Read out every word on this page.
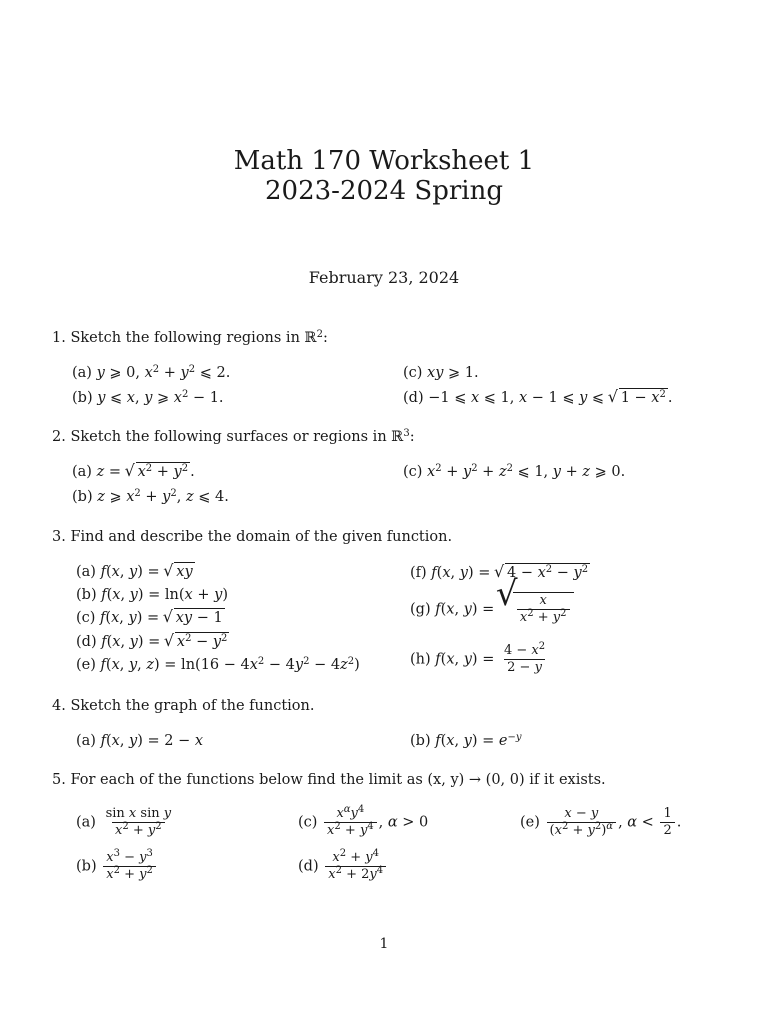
Math 170 Worksheet 1
2023-2024 Spring
February 23, 2024
1. Sketch the following regions in ℝ$^2$:
(a) y ⩾ 0, $x^2 + y^2$ ⩽ 2.
(b) y ⩽ x, y ⩾ $x^2 - 1$.
(c) xy ⩾ 1.
(d) −1 ⩽ x ⩽ 1, x − 1 ⩽ y ⩽ √ $1 - x^2$ .
2. Sketch the following surfaces or regions in ℝ$^3$:
(a) z = √ $x^2 + y^2$ .
(b) z ⩾ $x^2 + y^2$, z ⩽ 4.
(c) $x^2 + y^2 + z^2$ ⩽ 1, y + z ⩾ 0.
3. Find and describe the domain of the given function.
(a) f(x, y) = √ xy
(b) f(x, y) = ln(x + y)
(c) f(x, y) = √ xy − 1
(d) f(x, y) = √ $x^2 - y^2$
(e) f(x, y, $z) = \ln(16 - 4x^2 - 4y^2 - 4z^2)$
(f) f(x, y) = √ $4 - x^2 - y^2$
(g) f(x, y) =
√ $\frac{x}{x^2 + y^2}$
(h) f(x, $y) = \frac{4 - x^2}{2 - y}$
4. Sketch the graph of the function.
(a) f(x, y) = 2 − x	(b) f(x, $y) = e^{-y}$
5. For each of the functions below find the limit as (x, y) → (0, 0) if it exists.
$(a) \frac{\text{sin x sin y}}{x^2 + y^2}$
$(b) \frac{x^3 - y^3}{x^2 + y^2}$
$(c) \frac{x^\alpha y^4}{x^2 + y^4}$ , α > 0
$(d) \frac{x^2 + y^4}{x^2 + 2y^4}$
$(e) \frac{x - y}{(x^2 + y^2)^\alpha}$ , $\alpha < \frac{1}{2}$ .
1
